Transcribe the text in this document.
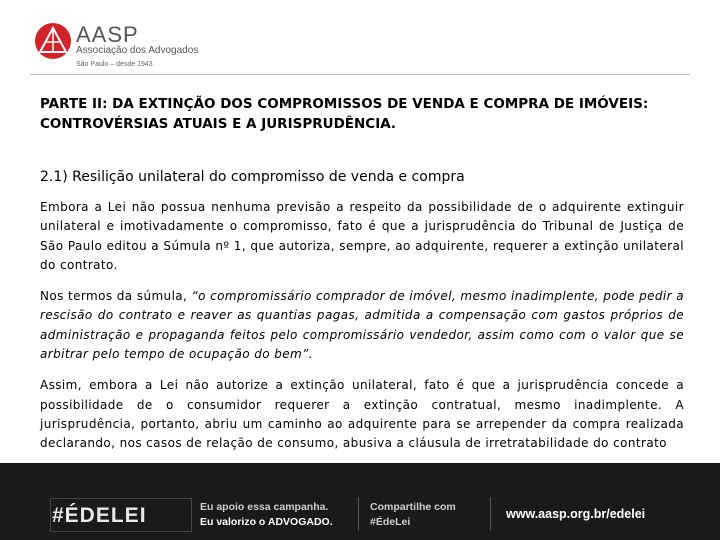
AASP
Associação dos Advogados
São Paulo – desde 1943

PARTE II: DA EXTINÇÃO DOS COMPROMISSOS DE VENDA E COMPRA DE IMÓVEIS: CONTROVÉRSIAS ATUAIS E A JURISPRUDÊNCIA.

2.1) Resilição unilateral do compromisso de venda e compra

Embora a Lei não possua nenhuma previsão a respeito da possibilidade de o adquirente extinguir unilateral e imotivadamente o compromisso, fato é que a jurisprudência do Tribunal de Justiça de São Paulo editou a Súmula nº 1, que autoriza, sempre, ao adquirente, requerer a extinção unilateral do contrato.

Nos termos da súmula, “o compromissário comprador de imóvel, mesmo inadimplente, pode pedir a rescisão do contrato e reaver as quantias pagas, admitida a compensação com gastos próprios de administração e propaganda feitos pelo compromissário vendedor, assim como com o valor que se arbitrar pelo tempo de ocupação do bem”.

Assim, embora a Lei não autorize a extinção unilateral, fato é que a jurisprudência concede a possibilidade de o consumidor requerer a extinção contratual, mesmo inadimplente. A jurisprudência, portanto, abriu um caminho ao adquirente para se arrepender da compra realizada declarando, nos casos de relação de consumo, abusiva a cláusula de irretratabilidade do contrato

#ÉDELEI	Eu apoio essa campanha.
Eu valorizo o ADVOGADO.
Compartilhe com
#ÉdeLei
www.aasp.org.br/edelei
